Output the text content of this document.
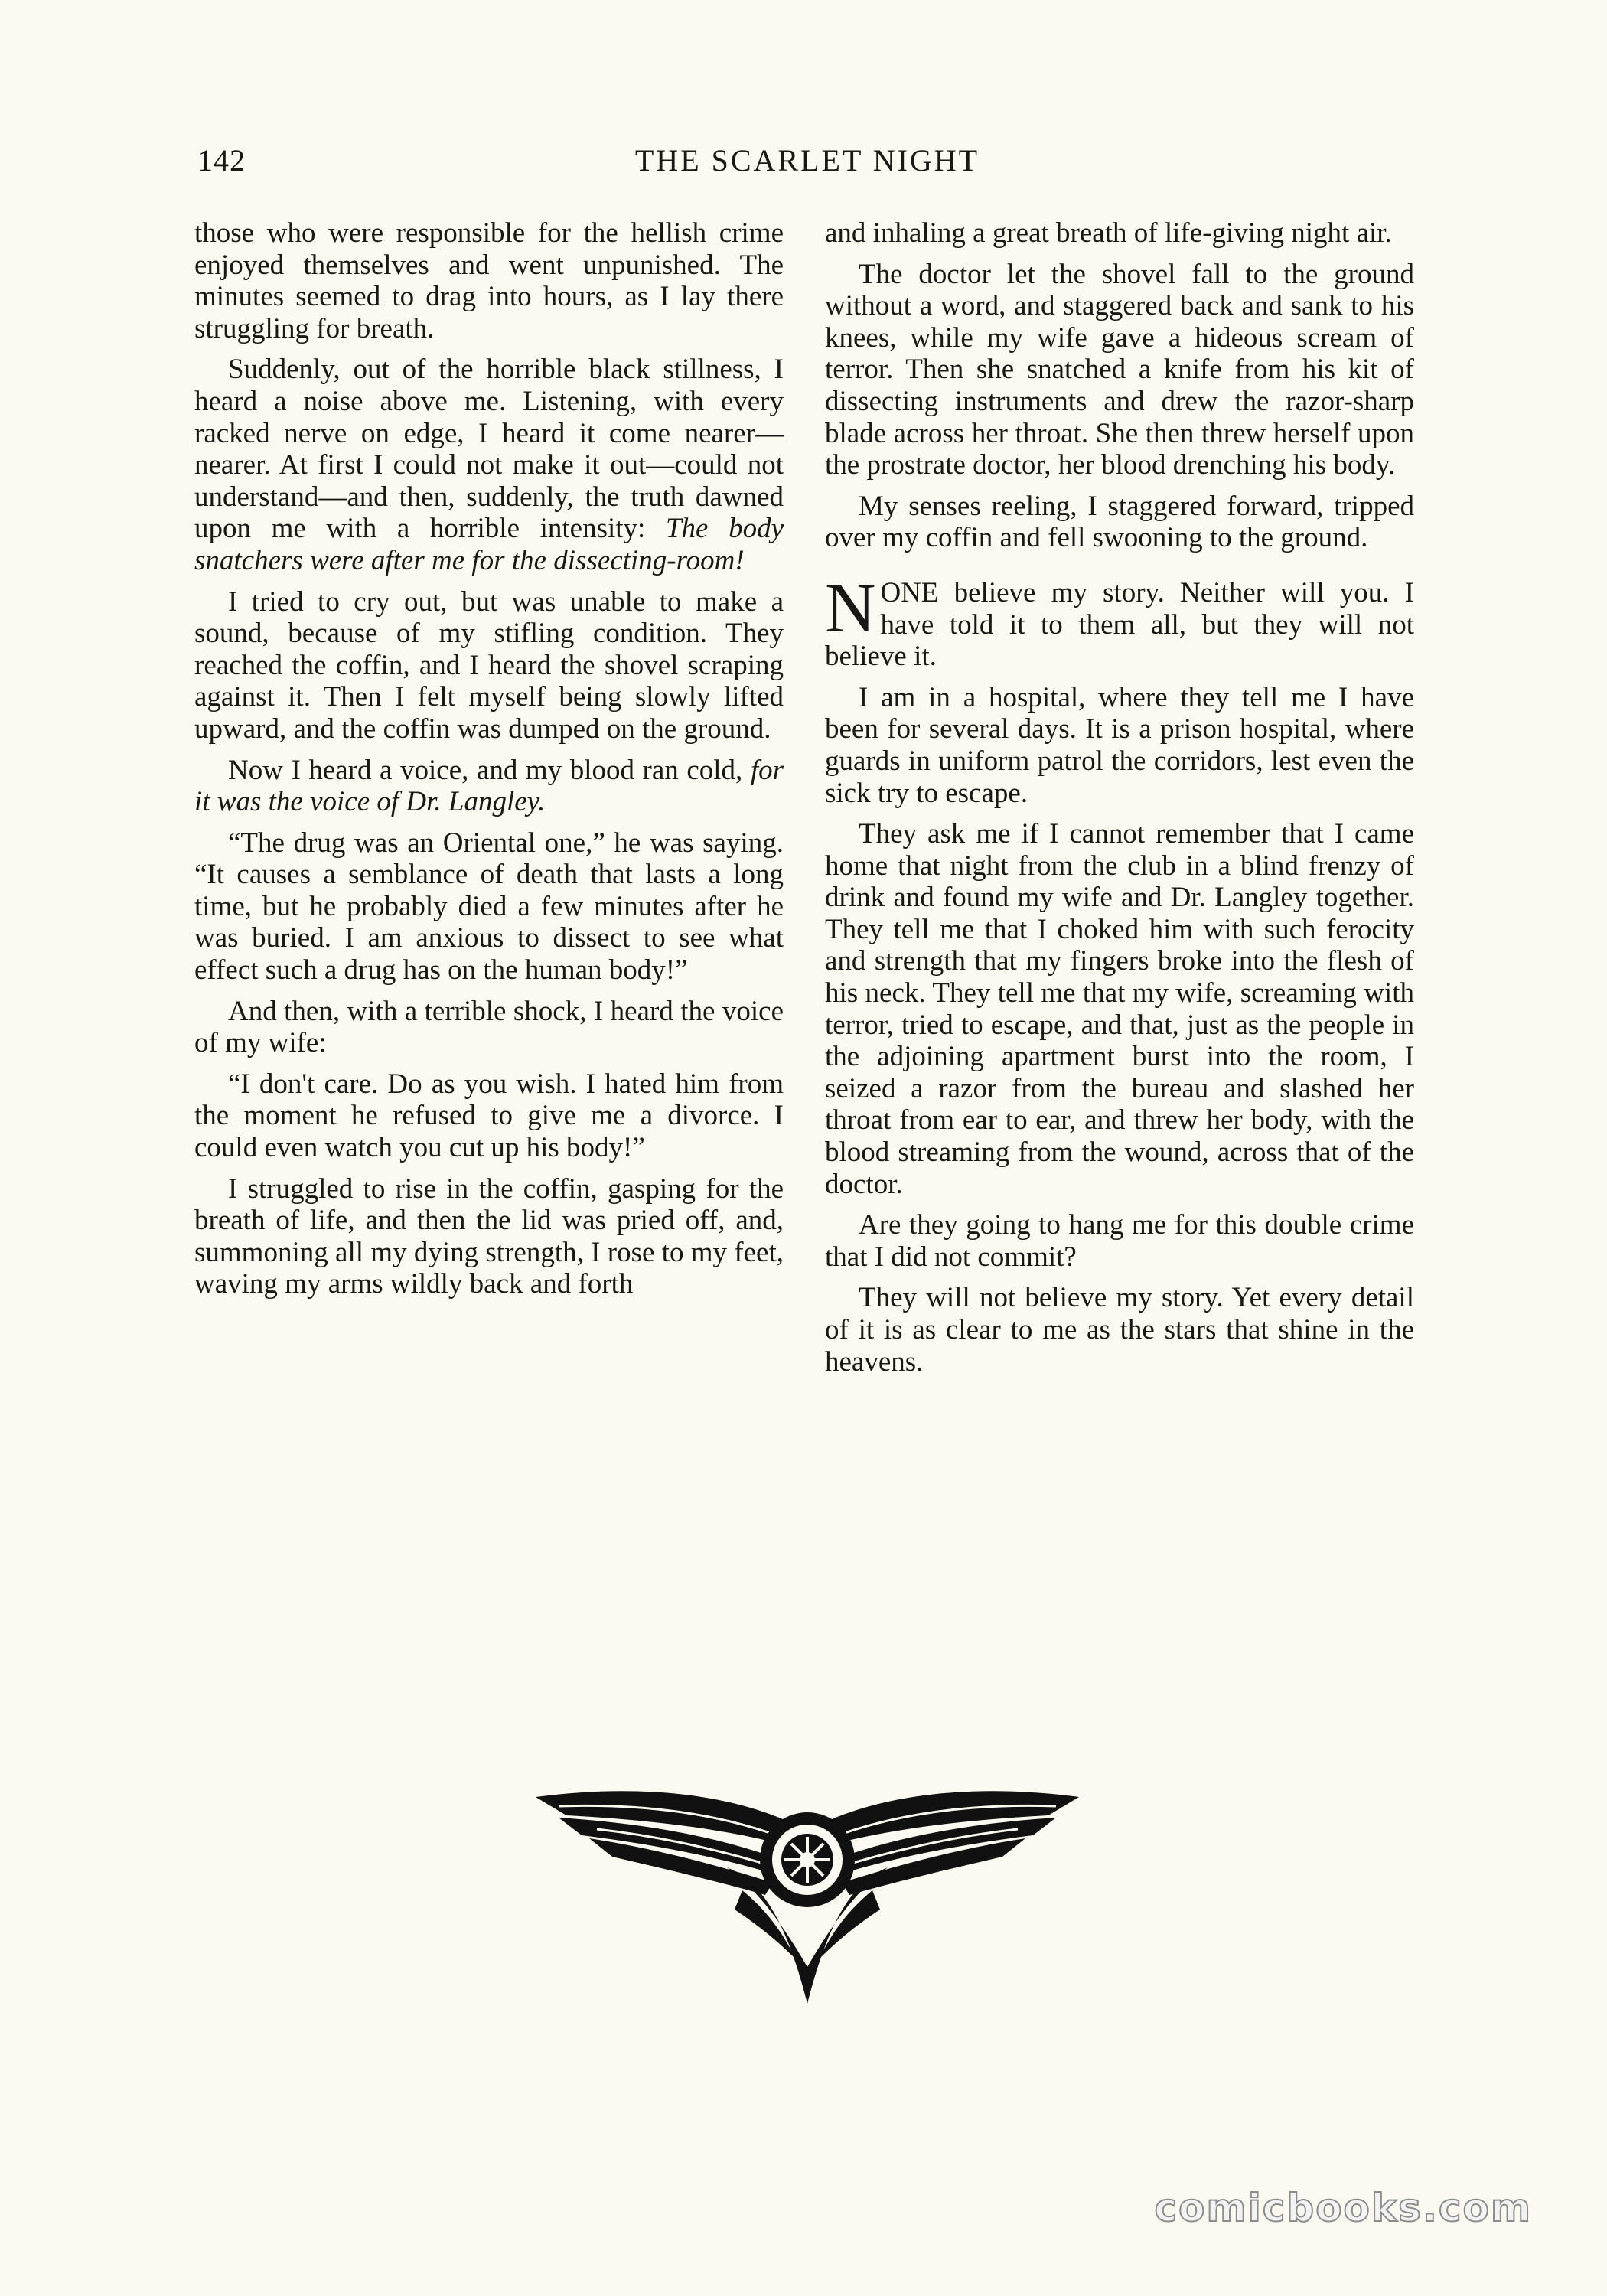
142	THE SCARLET NIGHT

those who were responsible for the hellish crime enjoyed themselves and went unpunished. The minutes seemed to drag into hours, as I lay there struggling for breath.

Suddenly, out of the horrible black stillness, I heard a noise above me. Listening, with every racked nerve on edge, I heard it come nearer—nearer. At first I could not make it out—could not understand—and then, suddenly, the truth dawned upon me with a horrible intensity: The body snatchers were after me for the dissecting-room!

I tried to cry out, but was unable to make a sound, because of my stifling condition. They reached the coffin, and I heard the shovel scraping against it. Then I felt myself being slowly lifted upward, and the coffin was dumped on the ground.

Now I heard a voice, and my blood ran cold, for it was the voice of Dr. Langley.

“The drug was an Oriental one,” he was saying. “It causes a semblance of death that lasts a long time, but he probably died a few minutes after he was buried. I am anxious to dissect to see what effect such a drug has on the human body!”

And then, with a terrible shock, I heard the voice of my wife:

“I don't care. Do as you wish. I hated him from the moment he refused to give me a divorce. I could even watch you cut up his body!”

I struggled to rise in the coffin, gasping for the breath of life, and then the lid was pried off, and, summoning all my dying strength, I rose to my feet, waving my arms wildly back and forth

and inhaling a great breath of life-giving night air.

The doctor let the shovel fall to the ground without a word, and staggered back and sank to his knees, while my wife gave a hideous scream of terror. Then she snatched a knife from his kit of dissecting instruments and drew the razor-sharp blade across her throat. She then threw herself upon the prostrate doctor, her blood drenching his body.

My senses reeling, I staggered forward, tripped over my coffin and fell swooning to the ground.

NONE believe my story. Neither will you. I have told it to them all, but they will not believe it.

I am in a hospital, where they tell me I have been for several days. It is a prison hospital, where guards in uniform patrol the corridors, lest even the sick try to escape.

They ask me if I cannot remember that I came home that night from the club in a blind frenzy of drink and found my wife and Dr. Langley together. They tell me that I choked him with such ferocity and strength that my fingers broke into the flesh of his neck. They tell me that my wife, screaming with terror, tried to escape, and that, just as the people in the adjoining apartment burst into the room, I seized a razor from the bureau and slashed her throat from ear to ear, and threw her body, with the blood streaming from the wound, across that of the doctor.

Are they going to hang me for this double crime that I did not commit?

They will not believe my story. Yet every detail of it is as clear to me as the stars that shine in the heavens.

comicbooks.com
